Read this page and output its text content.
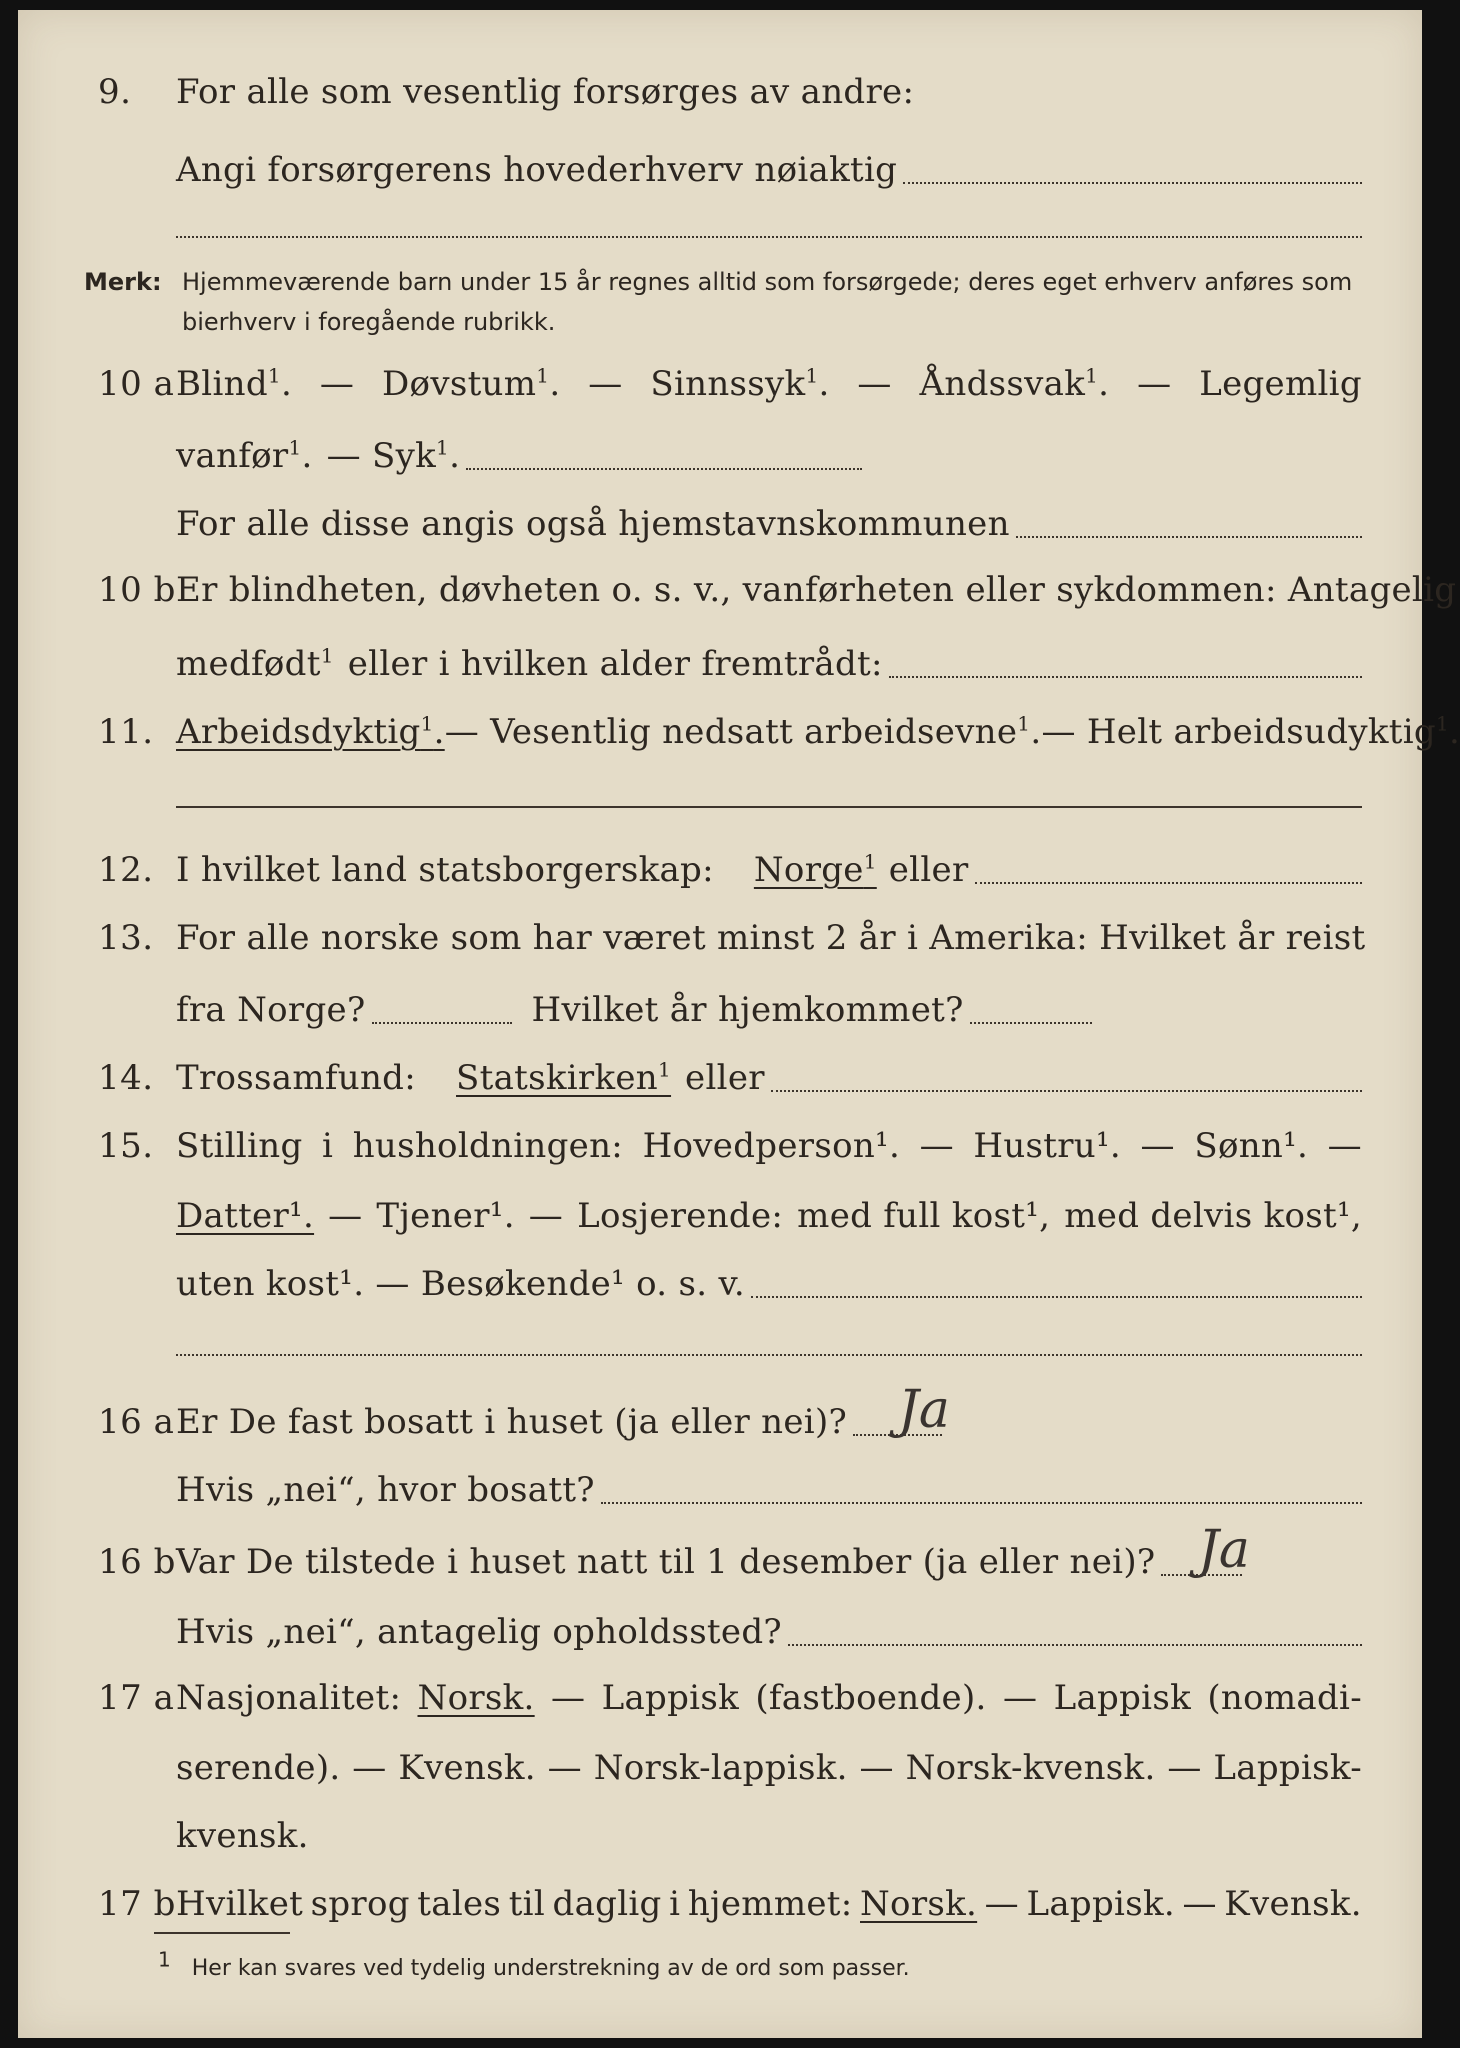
9.	For alle som vesentlig forsørges av andre:
Angi forsørgerens hovederhverv nøiaktig
Merk: Hjemmeværende barn under 15 år regnes alltid som forsørgede; deres eget erhverv anføres som bierhverv i foregående rubrikk.
10 a Blind$^1$. — Døvstum$^1$. — Sinnssyk$^1$. — Åndssvak$^1$. — Legemlig
vanfør$^1$. — Syk$^1$.
For alle disse angis også hjemstavnskommunen
10 b Er blindheten, døvheten o. s. v., vanførheten eller sykdommen: Antagelig
medfødt$^1$ eller i hvilken alder fremtrådt:
11. Arbeidsdyktig$^1$. — Vesentlig nedsatt arbeidsevne$^1$. — Helt arbeidsudyktig$^1$.
12. I hvilket land statsborgerskap: Norge$^1$ eller
13. For alle norske som har været minst 2 år i Amerika: Hvilket år reist
fra Norge?	Hvilket år hjemkommet?
14. Trossamfund: Statskirken$^1$ eller
15. Stilling i husholdningen: Hovedperson¹. — Hustru¹. — Sønn¹. —
Datter¹. — Tjener¹. — Losjerende: med full kost¹, med delvis kost¹,
uten kost¹. — Besøkende¹ o. s. v.
16 a Er De fast bosatt i huset (ja eller nei)? Ja
Hvis „nei“, hvor bosatt?
16 b Var De tilstede i huset natt til 1 desember (ja eller nei)? Ja
Hvis „nei“, antagelig opholdssted?
17 a Nasjonalitet: Norsk. — Lappisk (fastboende). — Lappisk (nomadi-
serende). — Kvensk. — Norsk-lappisk. — Norsk-kvensk. — Lappisk-
kvensk.
17 b Hvilket sprog tales til daglig i hjemmet: Norsk. — Lappisk. — Kvensk.
1 Her kan svares ved tydelig understrekning av de ord som passer.
